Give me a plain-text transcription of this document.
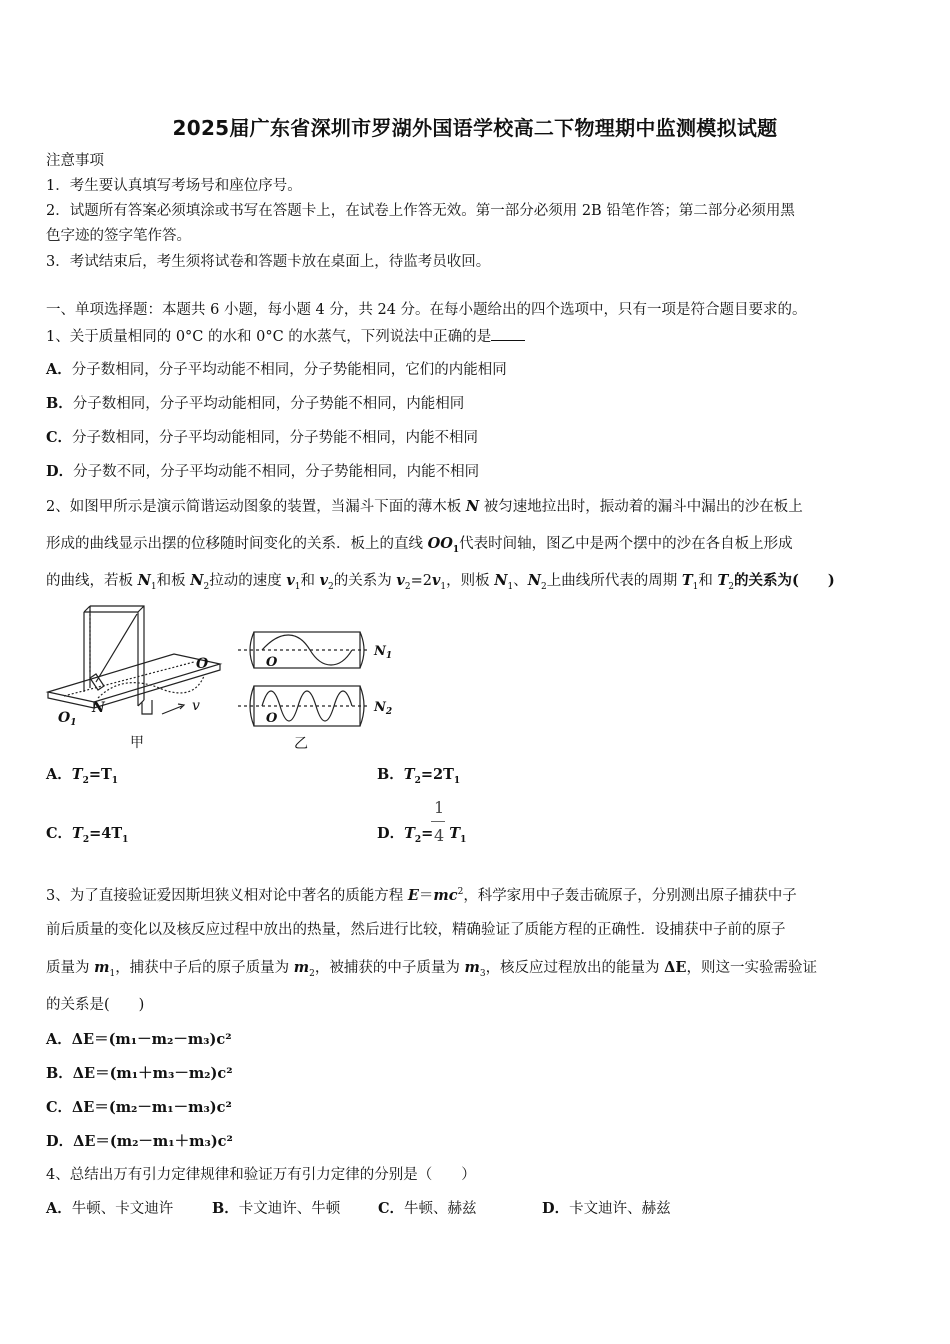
2025届广东省深圳市罗湖外国语学校高二下物理期中监测模拟试题
注意事项
1．考生要认真填写考场号和座位序号。
2．试题所有答案必须填涂或书写在答题卡上，在试卷上作答无效。第一部分必须用 2B 铅笔作答；第二部分必须用黑
色字迹的签字笔作答。
3．考试结束后，考生须将试卷和答题卡放在桌面上，待监考员收回。
一、单项选择题：本题共 6 小题，每小题 4 分，共 24 分。在每小题给出的四个选项中，只有一项是符合题目要求的。
1、关于质量相同的 0°C 的水和 0°C 的水蒸气，下列说法中正确的是
A．分子数相同，分子平均动能不相同，分子势能相同，它们的内能相同
B．分子数相同，分子平均动能相同，分子势能不相同，内能相同
C．分子数相同，分子平均动能相同，分子势能不相同，内能不相同
D．分子数不同，分子平均动能不相同，分子势能相同，内能不相同
2、如图甲所示是演示简谐运动图象的装置，当漏斗下面的薄木板 N 被匀速地拉出时，振动着的漏斗中漏出的沙在板上
形成的曲线显示出摆的位移随时间变化的关系．板上的直线 $OO_1$代表时间轴，图乙中是两个摆中的沙在各自板上形成
的曲线，若板 $N_1$和板 $N_2$拉动的速度 $v_1$和 $v_2$的关系为 $v_2=2v_1$，则板 $N_1$、$N_2$上曲线所代表的周期 $T_1$和 $T_2$的关系为(　　)
O
N	v
$O_1$
甲
O
O
$N_1$
$N_2$
乙
A．$T_2=T_1$	B．$T_2=2T_1$
C．$T_2=4T_1$	D．$T_2= T_1$
1
4
3、为了直接验证爱因斯坦狭义相对论中著名的质能方程 $E=mc^2$，科学家用中子轰击硫原子，分别测出原子捕获中子
前后质量的变化以及核反应过程中放出的热量，然后进行比较，精确验证了质能方程的正确性．设捕获中子前的原子
质量为 $m_1$，捕获中子后的原子质量为 $m_2$，被捕获的中子质量为 $m_3$，核反应过程放出的能量为 ΔE，则这一实验需验证
的关系是(　　)
A．ΔE＝(m₁－m₂－m₃)c²
B．ΔE＝(m₁＋m₃－m₂)c²
C．ΔE＝(m₂－m₁－m₃)c²
D．ΔE＝(m₂－m₁＋m₃)c²
4、总结出万有引力定律规律和验证万有引力定律的分别是（　　）
A．牛顿、卡文迪许	B．卡文迪许、牛顿	C．牛顿、赫兹	D．卡文迪许、赫兹
